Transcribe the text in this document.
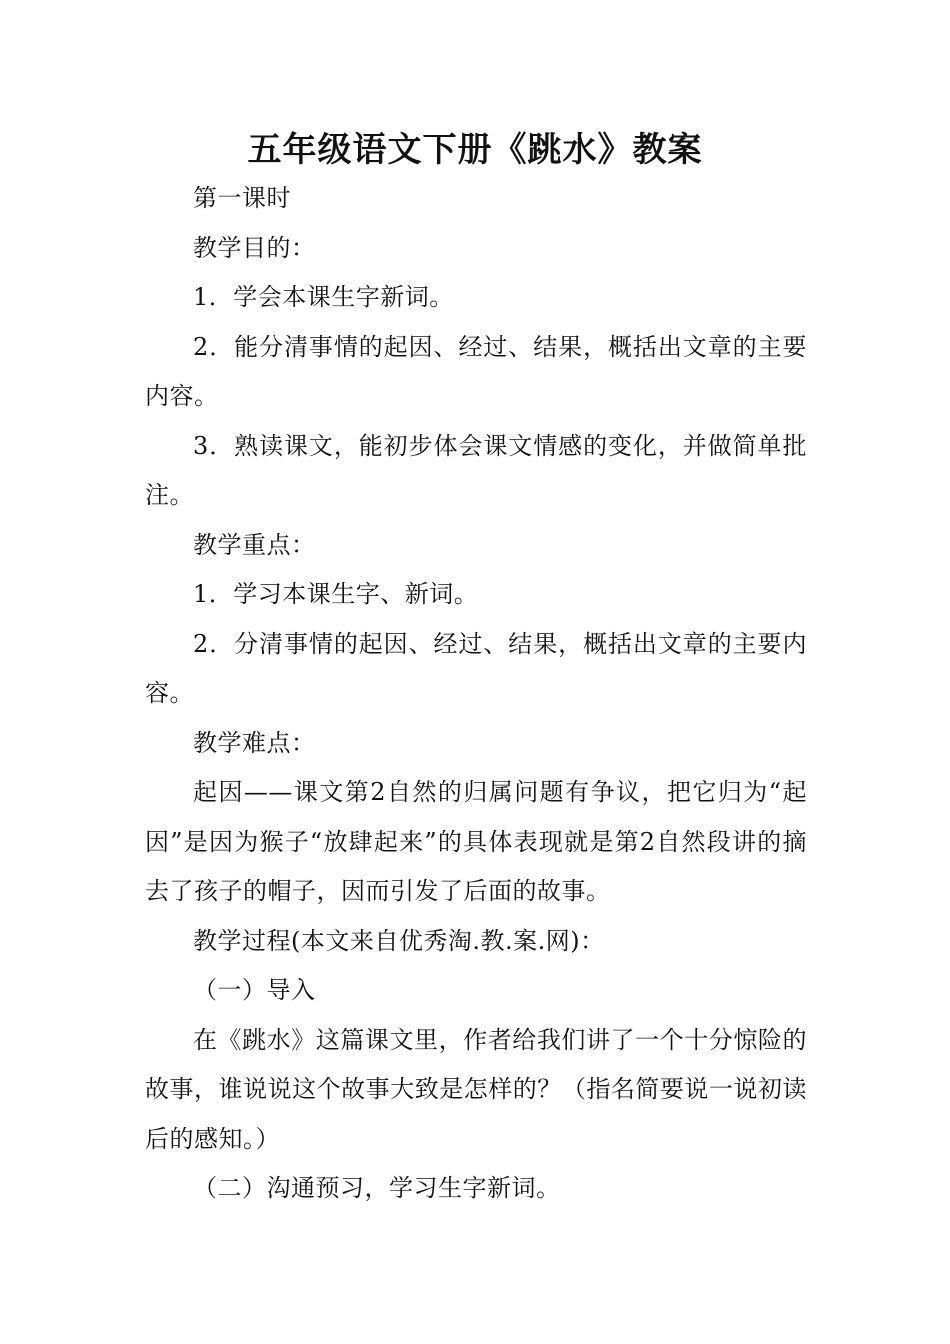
五年级语文下册《跳水》教案

第一课时

教学目的：

1．学会本课生字新词。

2．能分清事情的起因、经过、结果，概括出文章的主要内容。

3．熟读课文，能初步体会课文情感的变化，并做简单批注。

教学重点：

1．学习本课生字、新词。

2．分清事情的起因、经过、结果，概括出文章的主要内容。

教学难点：

起因——课文第2自然的归属问题有争议，把它归为“起因”是因为猴子“放肆起来”的具体表现就是第2自然段讲的摘去了孩子的帽子，因而引发了后面的故事。

教学过程(本文来自优秀淘.教.案.网)：

（一）导入

在《跳水》这篇课文里，作者给我们讲了一个十分惊险的故事，谁说说这个故事大致是怎样的？（指名简要说一说初读后的感知。）

（二）沟通预习，学习生字新词。
